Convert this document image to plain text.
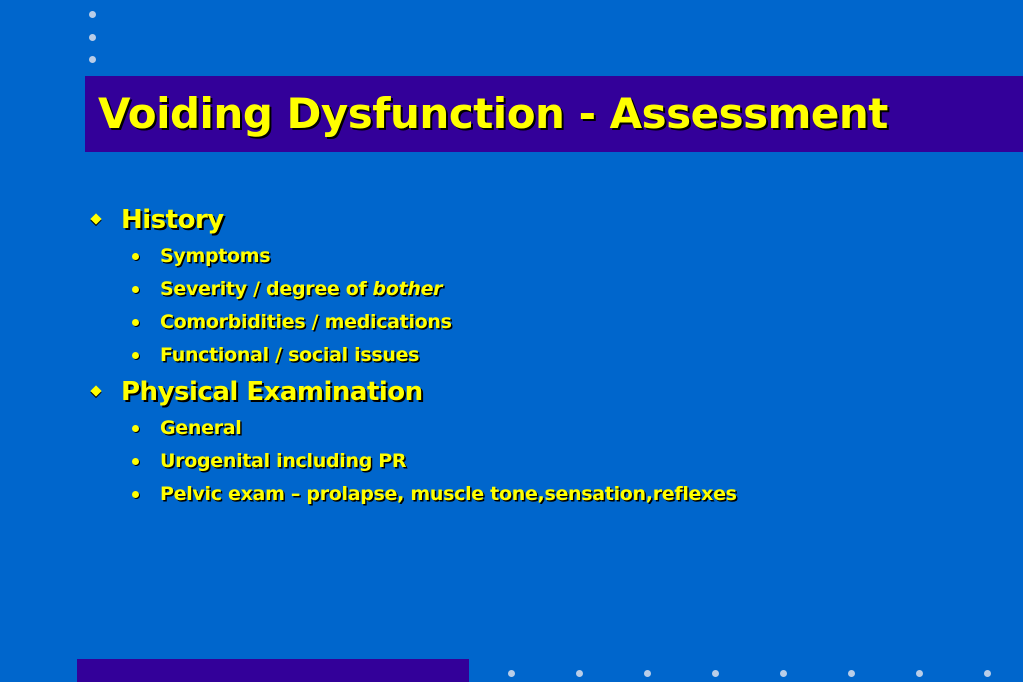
Voiding Dysfunction - Assessment
History
Symptoms
Severity / degree of bother
Comorbidities / medications
Functional / social issues
Physical Examination
General
Urogenital including PR
Pelvic exam – prolapse, muscle tone,sensation,reflexes
